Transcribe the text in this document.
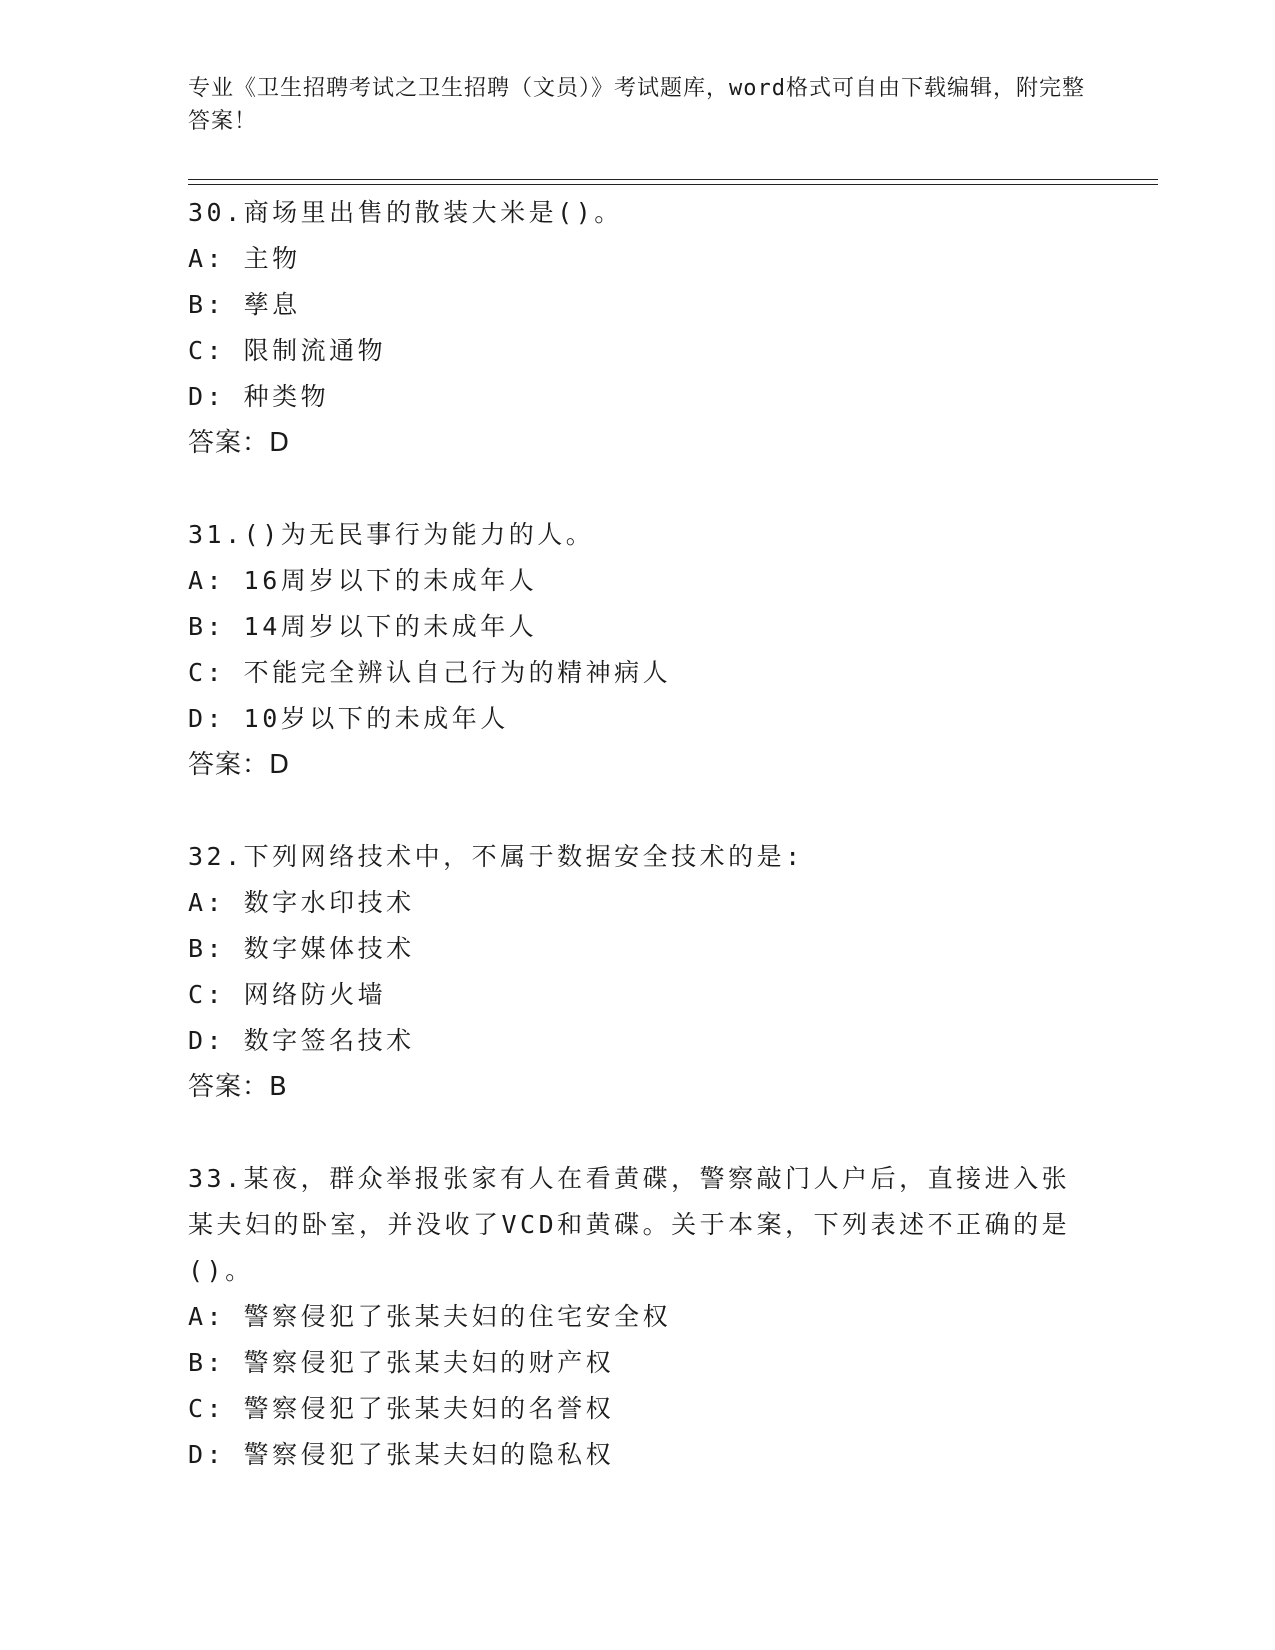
专业《卫生招聘考试之卫生招聘（文员）》考试题库，word格式可自由下载编辑，附完整答案！
30.商场里出售的散装大米是()。
A: 主物
B: 孳息
C: 限制流通物
D: 种类物
答案：D
31.()为无民事行为能力的人。
A: 16周岁以下的未成年人
B: 14周岁以下的未成年人
C: 不能完全辨认自己行为的精神病人
D: 10岁以下的未成年人
答案：D
32.下列网络技术中，不属于数据安全技术的是:
A: 数字水印技术
B: 数字媒体技术
C: 网络防火墙
D: 数字签名技术
答案：B
33.某夜，群众举报张家有人在看黄碟，警察敲门人户后，直接进入张某夫妇的卧室，并没收了VCD和黄碟。关于本案，下列表述不正确的是()。
A: 警察侵犯了张某夫妇的住宅安全权
B: 警察侵犯了张某夫妇的财产权
C: 警察侵犯了张某夫妇的名誉权
D: 警察侵犯了张某夫妇的隐私权
